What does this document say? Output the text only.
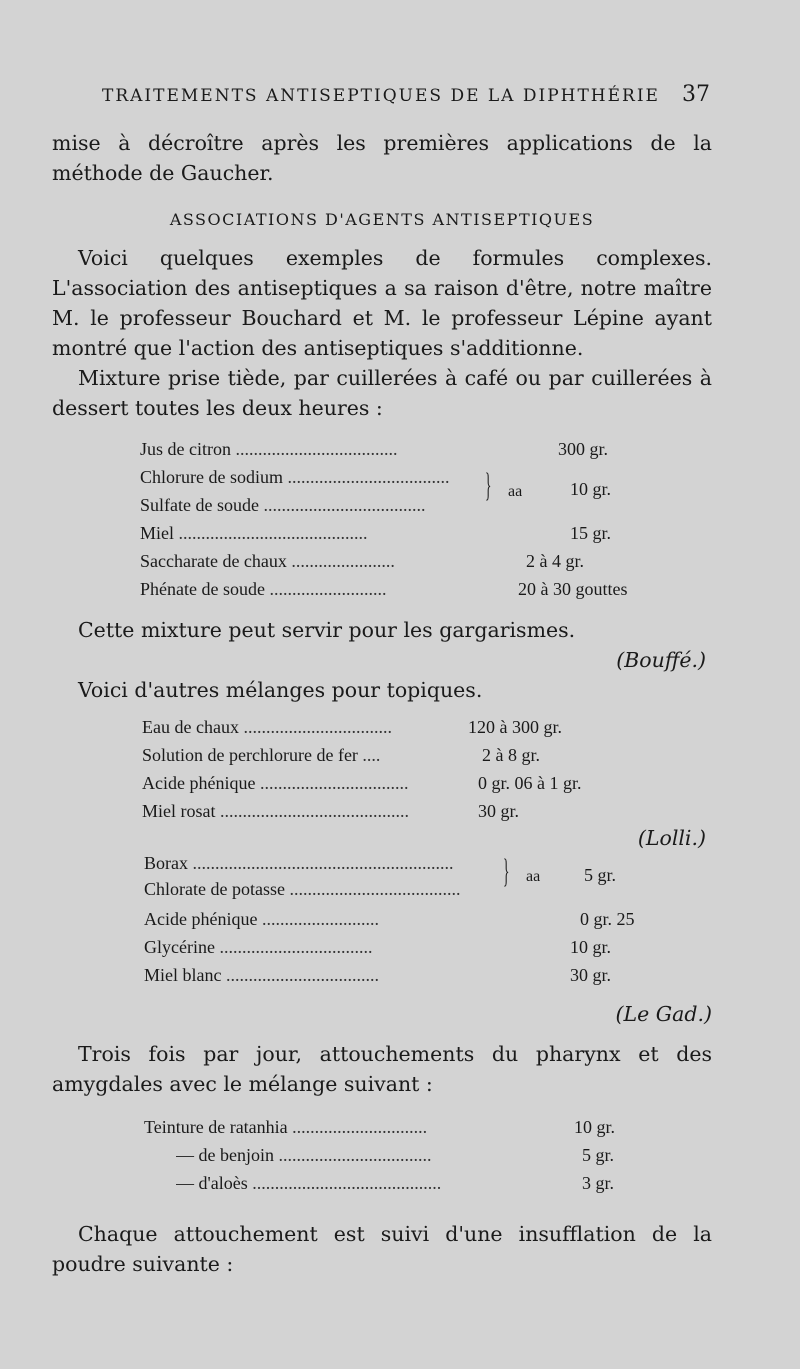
TRAITEMENTS ANTISEPTIQUES DE LA DIPHTHÉRIE 37

mise à décroître après les premières applications de la méthode de Gaucher.

ASSOCIATIONS D'AGENTS ANTISEPTIQUES

Voici quelques exemples de formules complexes. L'association des antiseptiques a sa raison d'être, notre maître M. le professeur Bouchard et M. le professeur Lépine ayant montré que l'action des antiseptiques s'additionne.

Mixture prise tiède, par cuillerées à café ou par cuillerées à dessert toutes les deux heures :

Jus de citron ....................................	300 gr.
Chlorure de sodium ....................................
Sulfate de soude ....................................
} aa	10 gr.
Miel ..........................................	15 gr.
Saccharate de chaux .......................	2 à 4 gr.
Phénate de soude ..........................	20 à 30 gouttes

Cette mixture peut servir pour les gargarismes.

(Bouffé.)

Voici d'autres mélanges pour topiques.

Eau de chaux .................................	120 à 300 gr.
Solution de perchlorure de fer ....	2 à 8 gr.
Acide phénique .................................	0 gr. 06 à 1 gr.
Miel rosat ..........................................	30 gr.
(Lolli.)
Borax ..........................................................
Chlorate de potasse ......................................	} aa 5 gr.
Acide phénique ..........................	0 gr. 25
Glycérine ..................................	10 gr.
Miel blanc ..................................	30 gr.
(Le Gad.)

Trois fois par jour, attouchements du pharynx et des amygdales avec le mélange suivant :

Teinture de ratanhia ..............................	10 gr.
— de benjoin ..................................	5 gr.
— d'aloès ..........................................	3 gr.

Chaque attouchement est suivi d'une insufflation de la poudre suivante :
